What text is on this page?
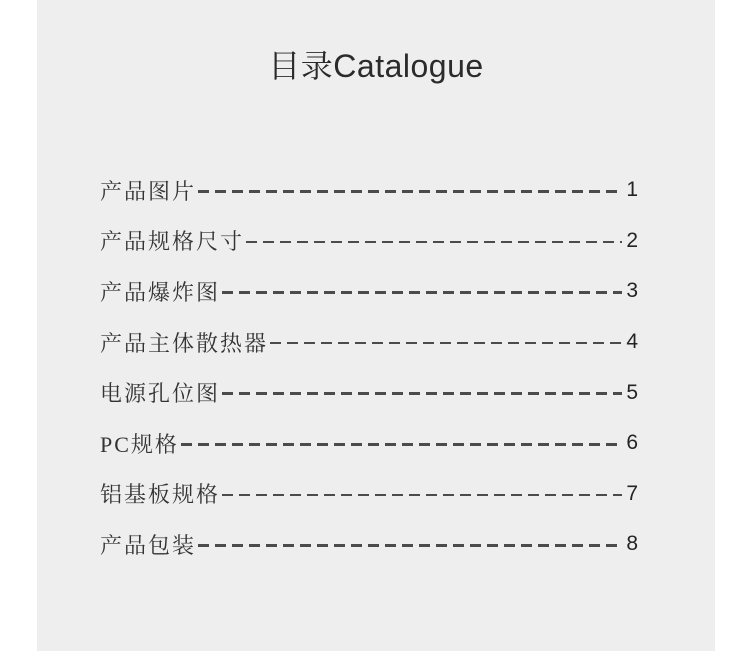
目录Catalogue
产品图片	1
产品规格尺寸	2
产品爆炸图	3
产品主体散热器	4
电源孔位图	5
PC规格	6
铝基板规格	7
产品包装	8
